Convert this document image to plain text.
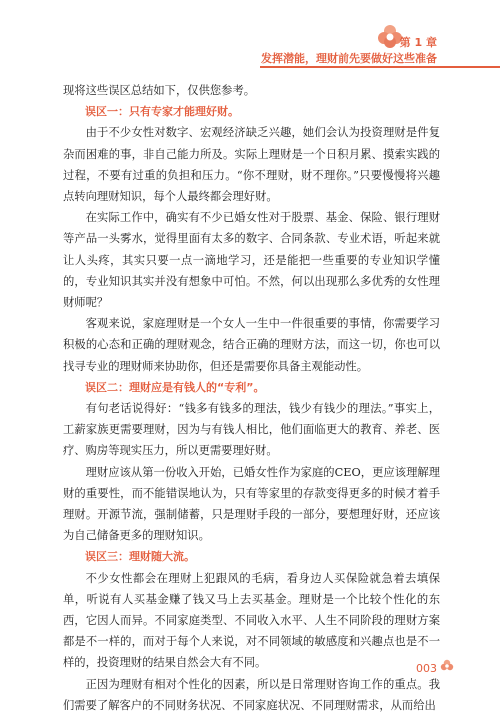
第 1 章
发挥潜能，理财前先要做好这些准备

现将这些误区总结如下，仅供您参考。

误区一：只有专家才能理好财。

由于不少女性对数字、宏观经济缺乏兴趣，她们会认为投资理财是件复杂而困难的事，非自己能力所及。实际上理财是一个日积月累、摸索实践的过程，不要有过重的负担和压力。“你不理财，财不理你。”只要慢慢将兴趣点转向理财知识，每个人最终都会理好财。

在实际工作中，确实有不少已婚女性对于股票、基金、保险、银行理财等产品一头雾水，觉得里面有太多的数字、合同条款、专业术语，听起来就让人头疼，其实只要一点一滴地学习，还是能把一些重要的专业知识学懂的，专业知识其实并没有想象中可怕。不然，何以出现那么多优秀的女性理财师呢？

客观来说，家庭理财是一个女人一生中一件很重要的事情，你需要学习积极的心态和正确的理财观念，结合正确的理财方法，而这一切，你也可以找寻专业的理财师来协助你，但还是需要你具备主观能动性。

误区二：理财应是有钱人的“专利”。

有句老话说得好：“钱多有钱多的理法，钱少有钱少的理法。”事实上，工薪家族更需要理财，因为与有钱人相比，他们面临更大的教育、养老、医疗、购房等现实压力，所以更需要理好财。

理财应该从第一份收入开始，已婚女性作为家庭的CEO，更应该理解理财的重要性，而不能错误地认为，只有等家里的存款变得更多的时候才着手理财。开源节流，强制储蓄，只是理财手段的一部分，要想理好财，还应该为自己储备更多的理财知识。

误区三：理财随大流。

不少女性都会在理财上犯跟风的毛病，看身边人买保险就急着去填保单，听说有人买基金赚了钱又马上去买基金。理财是一个比较个性化的东西，它因人而异。不同家庭类型、不同收入水平、人生不同阶段的理财方案都是不一样的，而对于每个人来说，对不同领域的敏感度和兴趣点也是不一样的，投资理财的结果自然会大有不同。

正因为理财有相对个性化的因素，所以是日常理财咨询工作的重点。我们需要了解客户的不同财务状况、不同家庭状况、不同理财需求，从而给出

003
